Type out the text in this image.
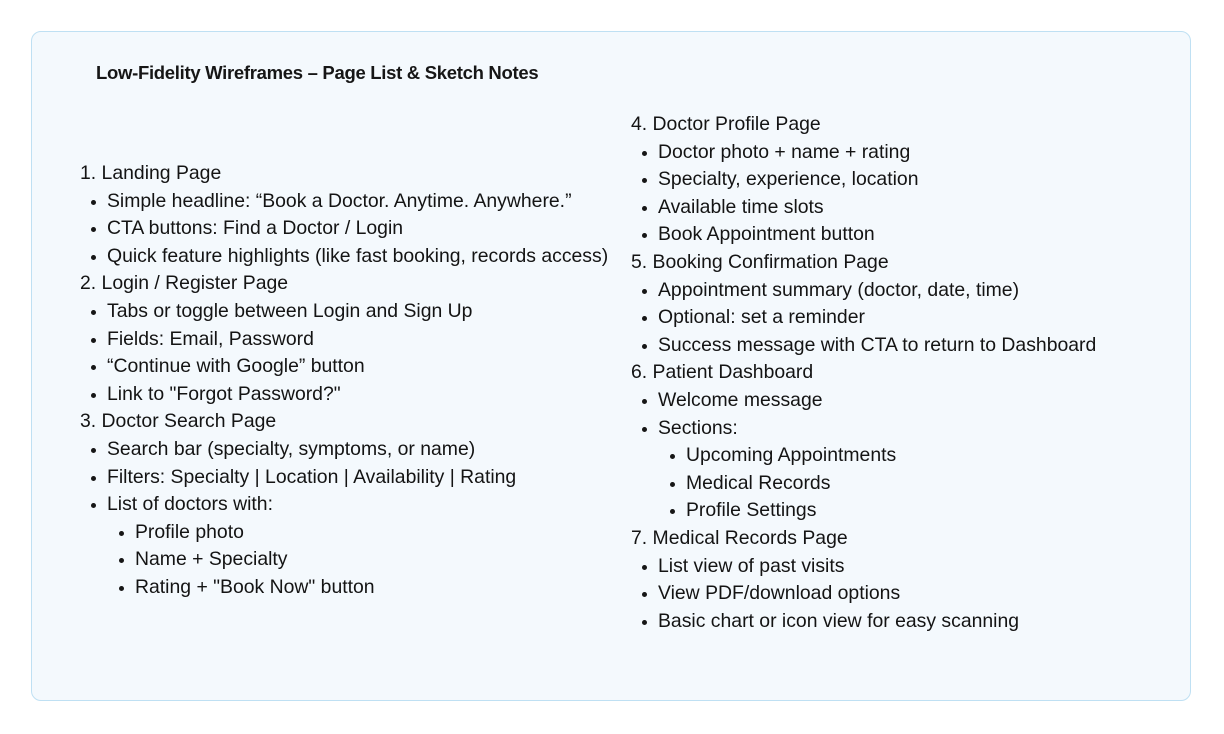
Low-Fidelity Wireframes – Page List & Sketch Notes
1. Landing Page
Simple headline: “Book a Doctor. Anytime. Anywhere.”
CTA buttons: Find a Doctor / Login
Quick feature highlights (like fast booking, records access)
2. Login / Register Page
Tabs or toggle between Login and Sign Up
Fields: Email, Password
“Continue with Google” button
Link to "Forgot Password?"
3. Doctor Search Page
Search bar (specialty, symptoms, or name)
Filters: Specialty | Location | Availability | Rating
List of doctors with:
Profile photo
Name + Specialty
Rating + "Book Now" button
4. Doctor Profile Page
Doctor photo + name + rating
Specialty, experience, location
Available time slots
Book Appointment button
5. Booking Confirmation Page
Appointment summary (doctor, date, time)
Optional: set a reminder
Success message with CTA to return to Dashboard
6. Patient Dashboard
Welcome message
Sections:
Upcoming Appointments
Medical Records
Profile Settings
7. Medical Records Page
List view of past visits
View PDF/download options
Basic chart or icon view for easy scanning
